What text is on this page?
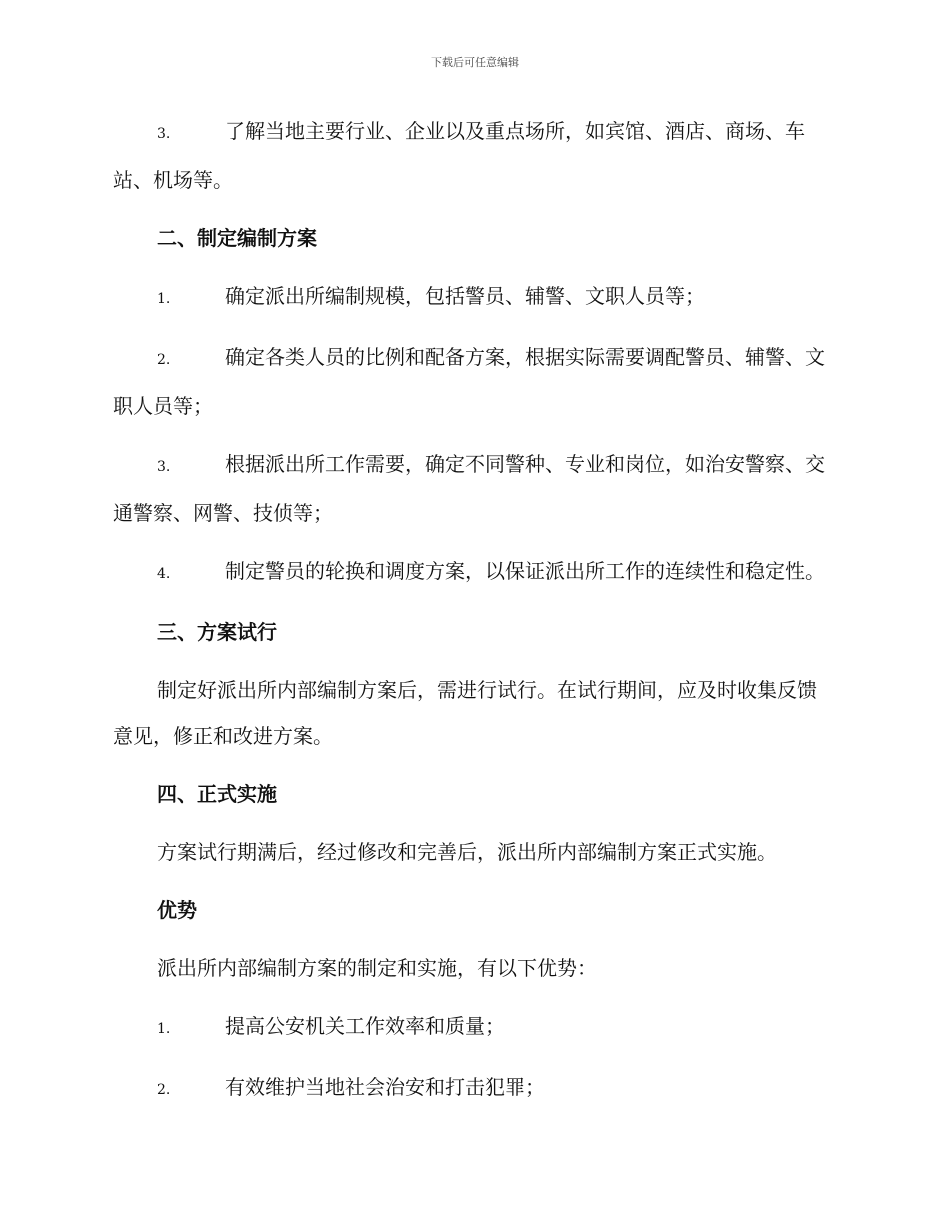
下载后可任意编辑
3.	了解当地主要行业、企业以及重点场所，如宾馆、酒店、商场、车站、机场等。
二、制定编制方案
1.	确定派出所编制规模，包括警员、辅警、文职人员等；
2.	确定各类人员的比例和配备方案，根据实际需要调配警员、辅警、文职人员等；
3.	根据派出所工作需要，确定不同警种、专业和岗位，如治安警察、交通警察、网警、技侦等；
4.	制定警员的轮换和调度方案，以保证派出所工作的连续性和稳定性。
三、方案试行
制定好派出所内部编制方案后，需进行试行。在试行期间，应及时收集反馈意见，修正和改进方案。
四、正式实施
方案试行期满后，经过修改和完善后，派出所内部编制方案正式实施。
优势
派出所内部编制方案的制定和实施，有以下优势：
1.	提高公安机关工作效率和质量；
2.	有效维护当地社会治安和打击犯罪；
